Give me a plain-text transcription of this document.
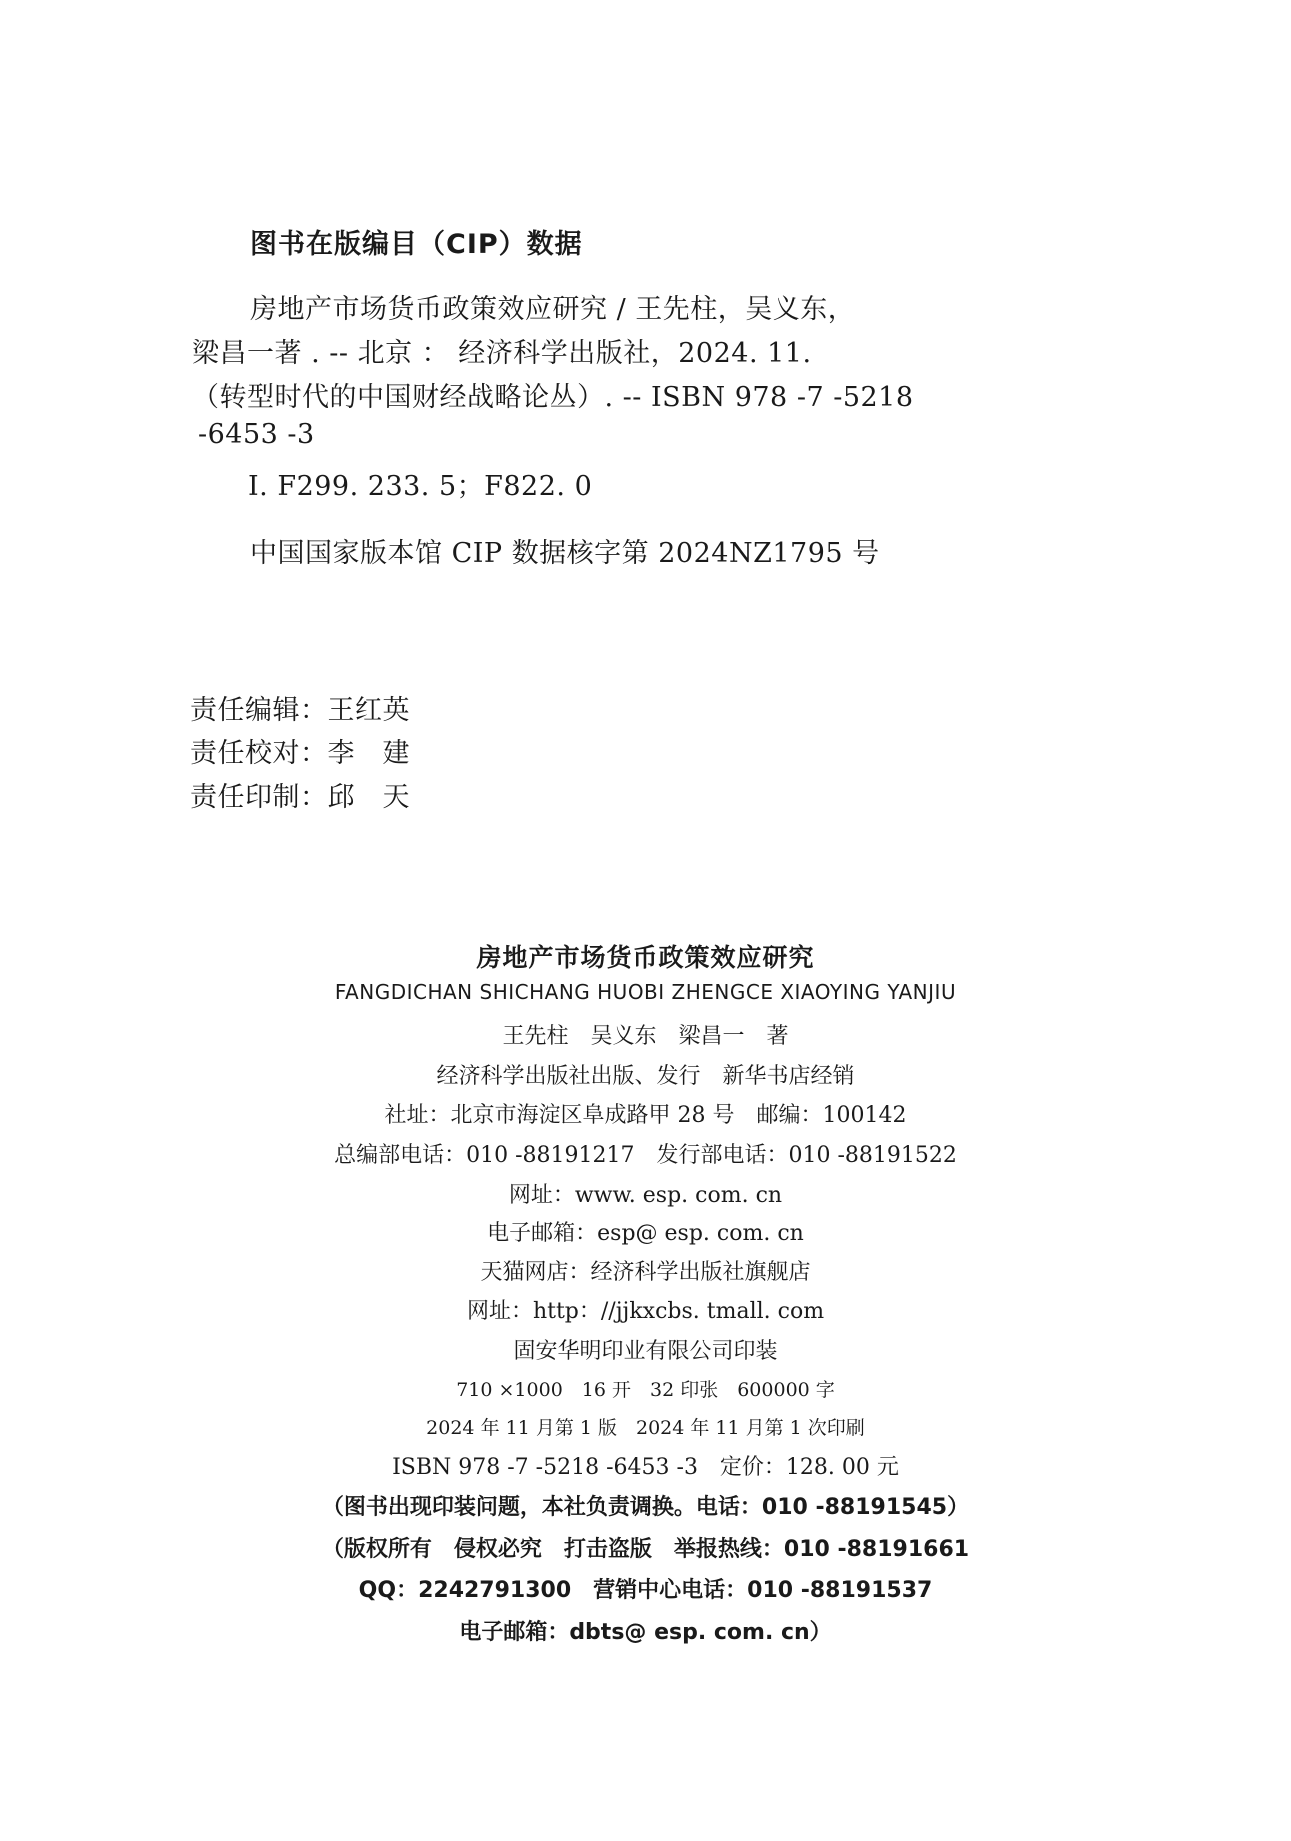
图书在版编目（CIP）数据

房地产市场货币政策效应研究 / 王先柱，吴义东，

梁昌一著 . -- 北京 ： 经济科学出版社，2024. 11.

（转型时代的中国财经战略论丛）. -- ISBN 978 -7 -5218

-6453 -3

Ⅰ. F299. 233. 5；F822. 0

中国国家版本馆 CIP 数据核字第 2024NZ1795 号

责任编辑：王红英

责任校对：李　建

责任印制：邱　天

房地产市场货币政策效应研究

FANGDICHAN SHICHANG HUOBI ZHENGCE XIAOYING YANJIU

王先柱　吴义东　梁昌一　著

经济科学出版社出版、发行　新华书店经销

社址：北京市海淀区阜成路甲 28 号　邮编：100142

总编部电话：010 -88191217　发行部电话：010 -88191522

网址：www. esp. com. cn

电子邮箱：esp@ esp. com. cn

天猫网店：经济科学出版社旗舰店

网址：http：//jjkxcbs. tmall. com

固安华明印业有限公司印装

710 ×1000　16 开　32 印张　600000 字

2024 年 11 月第 1 版　2024 年 11 月第 1 次印刷

ISBN 978 -7 -5218 -6453 -3　定价：128. 00 元

（图书出现印装问题，本社负责调换。电话：010 -88191545）

（版权所有　侵权必究　打击盗版　举报热线：010 -88191661

QQ：2242791300　营销中心电话：010 -88191537

电子邮箱：dbts@ esp. com. cn）
